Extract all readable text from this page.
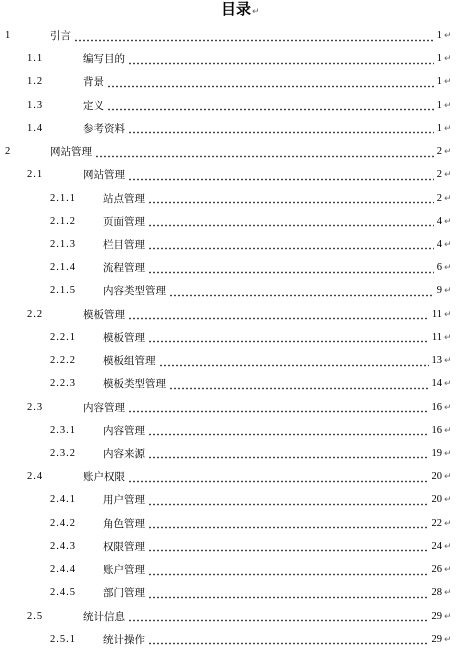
目录↵
1	引言	1 ↵
1.1	编写目的	1 ↵
1.2	背景	1 ↵
1.3	定义	1 ↵
1.4	参考资料	1 ↵
2	网站管理	2 ↵
2.1	网站管理	2 ↵
2.1.1	站点管理	2 ↵
2.1.2	页面管理	4 ↵
2.1.3	栏目管理	4 ↵
2.1.4	流程管理	6 ↵
2.1.5	内容类型管理	9 ↵
2.2	模板管理	11 ↵
2.2.1	模板管理	11 ↵
2.2.2	模板组管理	13 ↵
2.2.3	模板类型管理	14 ↵
2.3	内容管理	16 ↵
2.3.1	内容管理	16 ↵
2.3.2	内容来源	19 ↵
2.4	账户权限	20 ↵
2.4.1	用户管理	20 ↵
2.4.2	角色管理	22 ↵
2.4.3	权限管理	24 ↵
2.4.4	账户管理	26 ↵
2.4.5	部门管理	28 ↵
2.5	统计信息	29 ↵
2.5.1	统计操作	29 ↵
